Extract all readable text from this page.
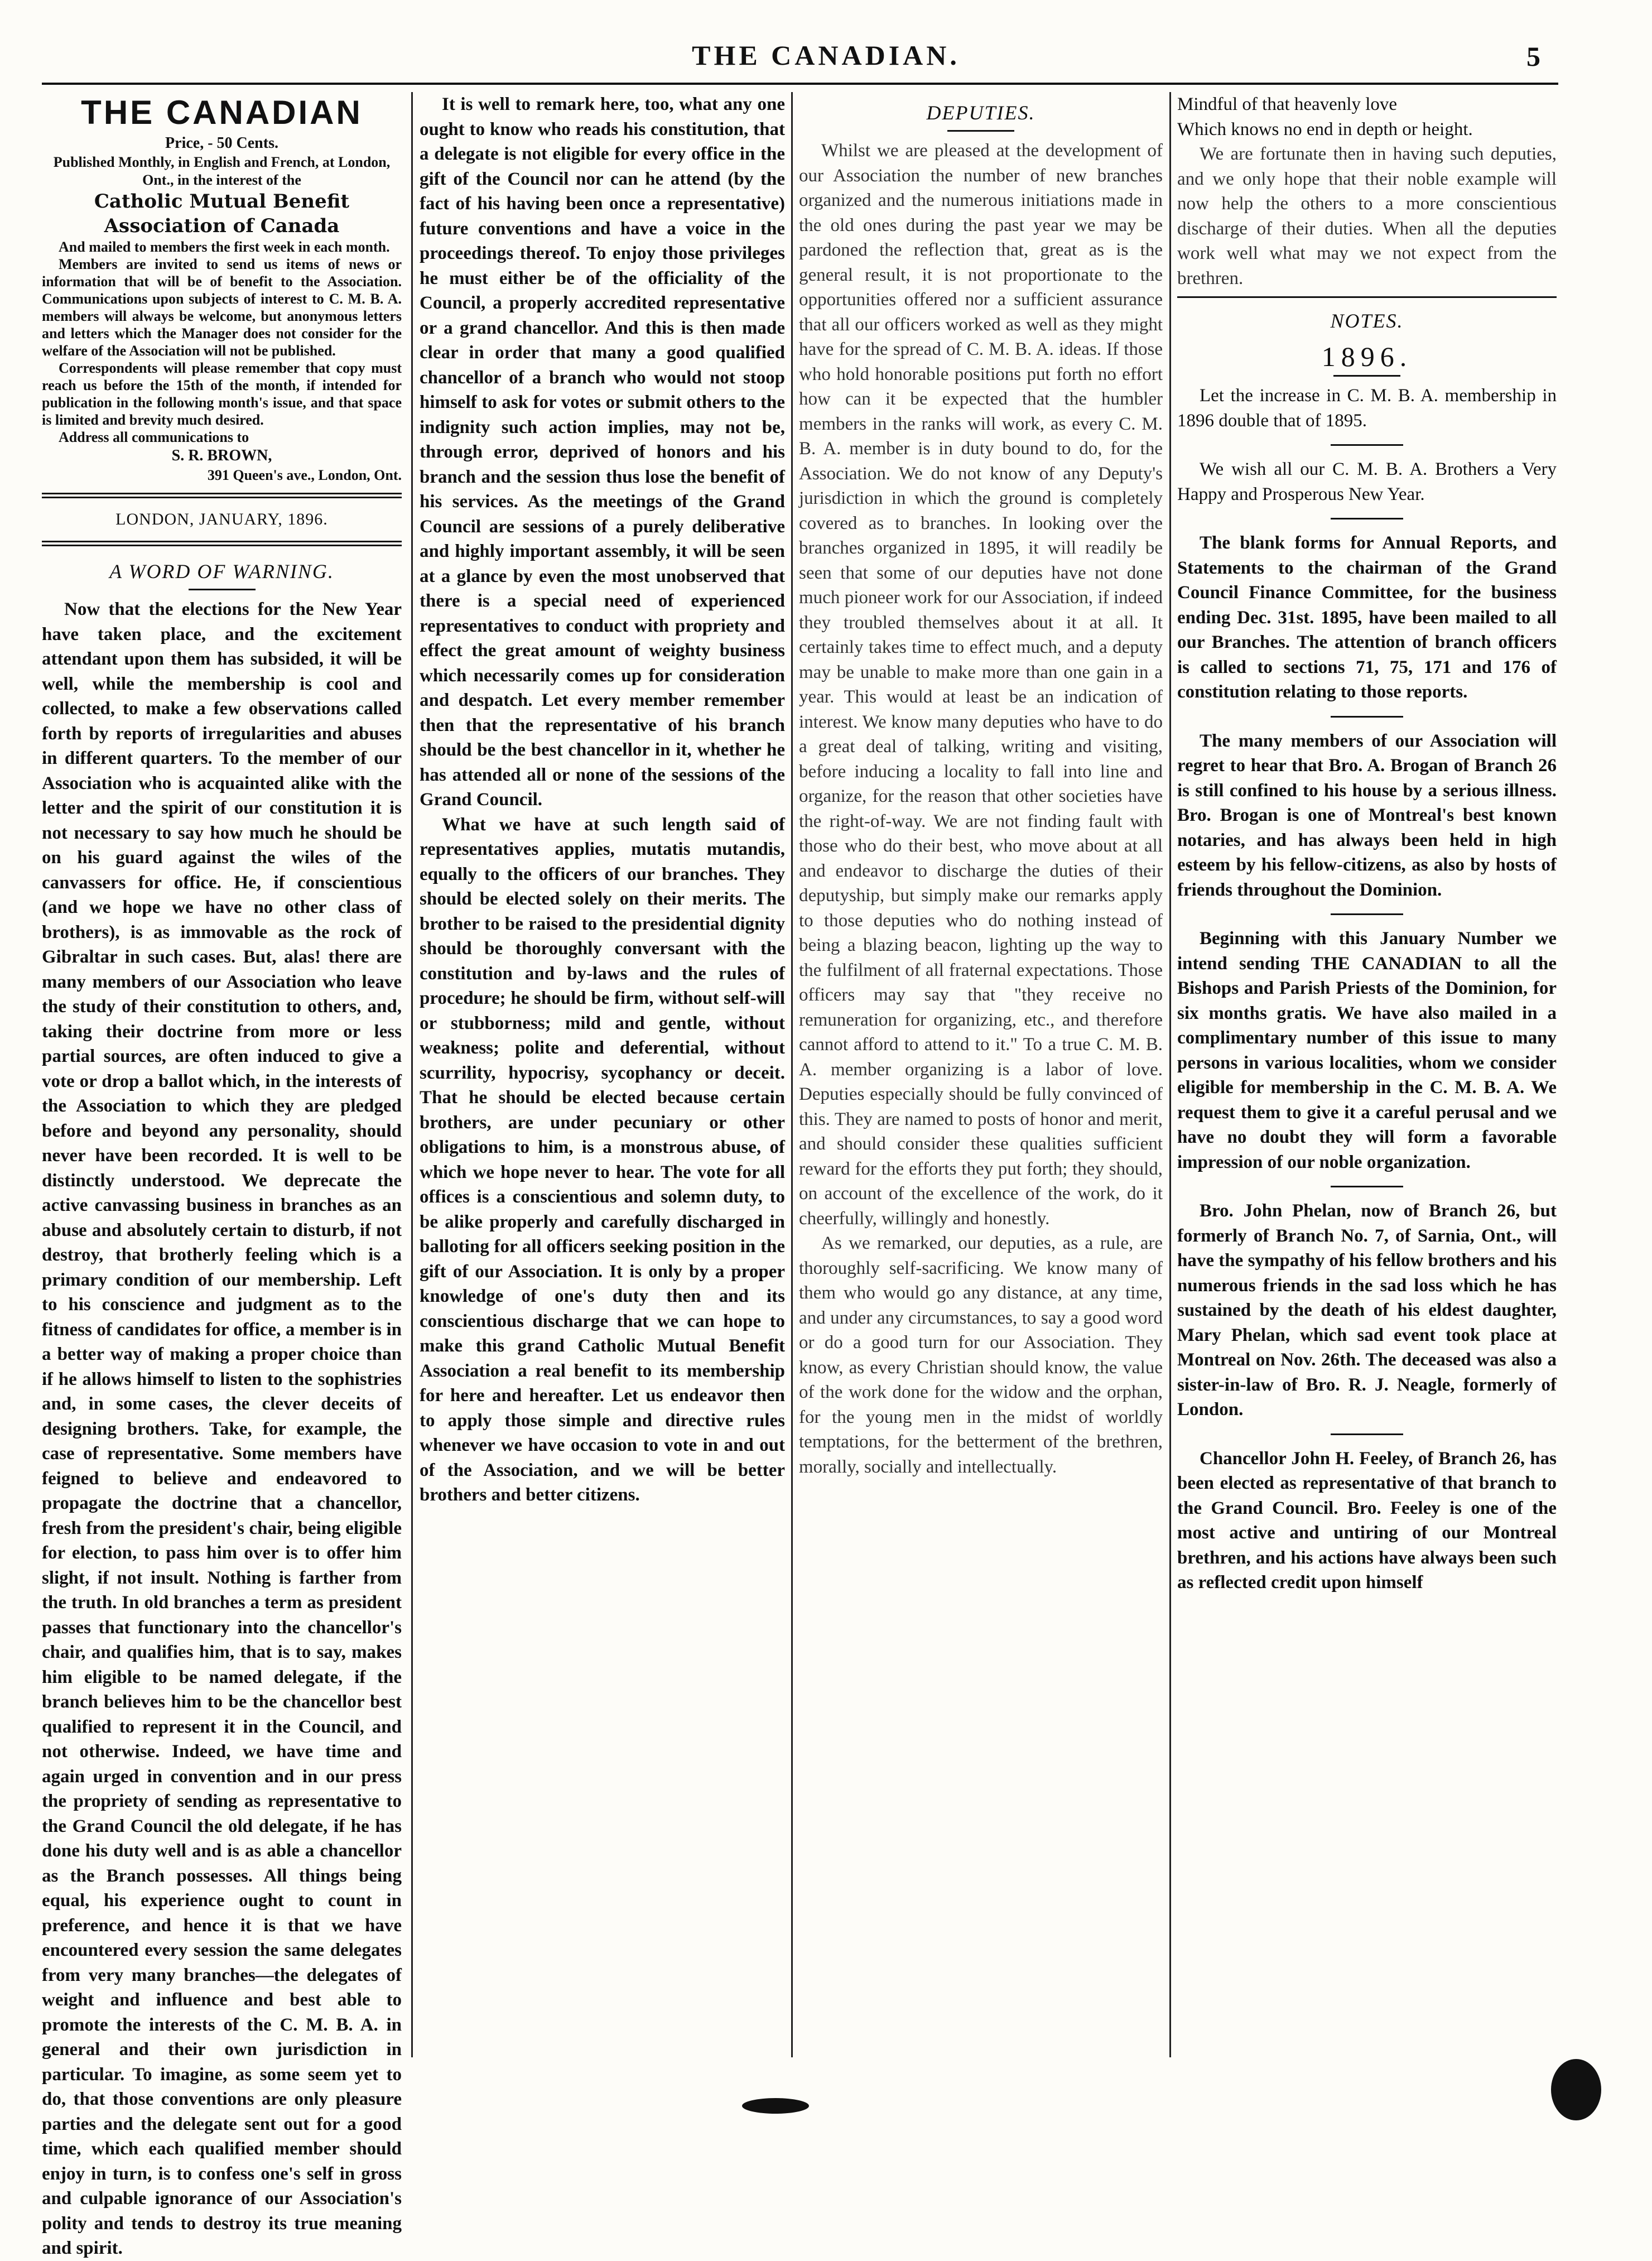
THE CANADIAN.	5
THE CANADIAN
Price, - 50 Cents.
Published Monthly, in English and French, at London, Ont., in the interest of the
Catholic Mutual Benefit Association of Canada
And mailed to members the first week in each month.
Members are invited to send us items of news or information that will be of benefit to the Association. Communications upon subjects of interest to C. M. B. A. members will always be welcome, but anonymous letters and letters which the Manager does not consider for the welfare of the Association will not be published.
Correspondents will please remember that copy must reach us before the 15th of the month, if intended for publication in the following month's issue, and that space is limited and brevity much desired.
Address all communications to
S. R. BROWN,
391 Queen's ave., London, Ont.
LONDON, JANUARY, 1896.
A WORD OF WARNING.

Now that the elections for the New Year have taken place, and the excitement attendant upon them has subsided, it will be well, while the membership is cool and collected, to make a few observations called forth by reports of irregularities and abuses in different quarters. To the member of our Association who is acquainted alike with the letter and the spirit of our constitution it is not necessary to say how much he should be on his guard against the wiles of the canvassers for office. He, if conscientious (and we hope we have no other class of brothers), is as immovable as the rock of Gibraltar in such cases. But, alas! there are many members of our Association who leave the study of their constitution to others, and, taking their doctrine from more or less partial sources, are often induced to give a vote or drop a ballot which, in the interests of the Association to which they are pledged before and beyond any personality, should never have been recorded. It is well to be distinctly understood. We deprecate the active canvassing business in branches as an abuse and absolutely certain to disturb, if not destroy, that brotherly feeling which is a primary condition of our membership. Left to his conscience and judgment as to the fitness of candidates for office, a member is in a better way of making a proper choice than if he allows himself to listen to the sophistries and, in some cases, the clever deceits of designing brothers. Take, for example, the case of representative. Some members have feigned to believe and endeavored to propagate the doctrine that a chancellor, fresh from the president's chair, being eligible for election, to pass him over is to offer him slight, if not insult. Nothing is farther from the truth. In old branches a term as president passes that functionary into the chancellor's chair, and qualifies him, that is to say, makes him eligible to be named delegate, if the branch believes him to be the chancellor best qualified to represent it in the Council, and not otherwise. Indeed, we have time and again urged in convention and in our press the propriety of sending as representative to the Grand Council the old delegate, if he has done his duty well and is as able a chancellor as the Branch possesses. All things being equal, his experience ought to count in preference, and hence it is that we have encountered every session the same delegates from very many branches—the delegates of weight and influence and best able to promote the interests of the C. M. B. A. in general and their own jurisdiction in particular. To imagine, as some seem yet to do, that those conventions are only pleasure parties and the delegate sent out for a good time, which each qualified member should enjoy in turn, is to confess one's self in gross and culpable ignorance of our Association's polity and tends to destroy its true meaning and spirit.

It is well to remark here, too, what any one ought to know who reads his constitution, that a delegate is not eligible for every office in the gift of the Council nor can he attend (by the fact of his having been once a representative) future conventions and have a voice in the proceedings thereof. To enjoy those privileges he must either be of the officiality of the Council, a properly accredited representative or a grand chancellor. And this is then made clear in order that many a good qualified chancellor of a branch who would not stoop himself to ask for votes or submit others to the indignity such action implies, may not be, through error, deprived of honors and his branch and the session thus lose the benefit of his services. As the meetings of the Grand Council are sessions of a purely deliberative and highly important assembly, it will be seen at a glance by even the most unobserved that there is a special need of experienced representatives to conduct with propriety and effect the great amount of weighty business which necessarily comes up for consideration and despatch. Let every member remember then that the representative of his branch should be the best chancellor in it, whether he has attended all or none of the sessions of the Grand Council.

What we have at such length said of representatives applies, mutatis mutandis, equally to the officers of our branches. They should be elected solely on their merits. The brother to be raised to the presidential dignity should be thoroughly conversant with the constitution and by-laws and the rules of procedure; he should be firm, without self-will or stubborness; mild and gentle, without weakness; polite and deferential, without scurrility, hypocrisy, sycophancy or deceit. That he should be elected because certain brothers, are under pecuniary or other obligations to him, is a monstrous abuse, of which we hope never to hear. The vote for all offices is a conscientious and solemn duty, to be alike properly and carefully discharged in balloting for all officers seeking position in the gift of our Association. It is only by a proper knowledge of one's duty then and its conscientious discharge that we can hope to make this grand Catholic Mutual Benefit Association a real benefit to its membership for here and hereafter. Let us endeavor then to apply those simple and directive rules whenever we have occasion to vote in and out of the Association, and we will be better brothers and better citizens.

DEPUTIES.

Whilst we are pleased at the development of our Association the number of new branches organized and the numerous initiations made in the old ones during the past year we may be pardoned the reflection that, great as is the general result, it is not proportionate to the opportunities offered nor a sufficient assurance that all our officers worked as well as they might have for the spread of C. M. B. A. ideas. If those who hold honorable positions put forth no effort how can it be expected that the humbler members in the ranks will work, as every C. M. B. A. member is in duty bound to do, for the Association. We do not know of any Deputy's jurisdiction in which the ground is completely covered as to branches. In looking over the branches organized in 1895, it will readily be seen that some of our deputies have not done much pioneer work for our Association, if indeed they troubled themselves about it at all. It certainly takes time to effect much, and a deputy may be unable to make more than one gain in a year. This would at least be an indication of interest. We know many deputies who have to do a great deal of talking, writing and visiting, before inducing a locality to fall into line and organize, for the reason that other societies have the right-of-way. We are not finding fault with those who do their best, who move about at all and endeavor to discharge the duties of their deputyship, but simply make our remarks apply to those deputies who do nothing instead of being a blazing beacon, lighting up the way to the fulfilment of all fraternal expectations. Those officers may say that "they receive no remuneration for organizing, etc., and therefore cannot afford to attend to it." To a true C. M. B. A. member organizing is a labor of love. Deputies especially should be fully convinced of this. They are named to posts of honor and merit, and should consider these qualities sufficient reward for the efforts they put forth; they should, on account of the excellence of the work, do it cheerfully, willingly and honestly.

As we remarked, our deputies, as a rule, are thoroughly self-sacrificing. We know many of them who would go any distance, at any time, and under any circumstances, to say a good word or do a good turn for our Association. They know, as every Christian should know, the value of the work done for the widow and the orphan, for the young men in the midst of worldly temptations, for the betterment of the brethren, morally, socially and intellectually.

Mindful of that heavenly love

Which knows no end in depth or height.

We are fortunate then in having such deputies, and we only hope that their noble example will now help the others to a more conscientious discharge of their duties. When all the deputies work well what may we not expect from the brethren.

NOTES.
1896.

Let the increase in C. M. B. A. membership in 1896 double that of 1895.

We wish all our C. M. B. A. Brothers a Very Happy and Prosperous New Year.

The blank forms for Annual Reports, and Statements to the chairman of the Grand Council Finance Committee, for the business ending Dec. 31st. 1895, have been mailed to all our Branches. The attention of branch officers is called to sections 71, 75, 171 and 176 of constitution relating to those reports.

The many members of our Association will regret to hear that Bro. A. Brogan of Branch 26 is still confined to his house by a serious illness. Bro. Brogan is one of Montreal's best known notaries, and has always been held in high esteem by his fellow-citizens, as also by hosts of friends throughout the Dominion.

Beginning with this January Number we intend sending THE CANADIAN to all the Bishops and Parish Priests of the Dominion, for six months gratis. We have also mailed in a complimentary number of this issue to many persons in various localities, whom we consider eligible for membership in the C. M. B. A. We request them to give it a careful perusal and we have no doubt they will form a favorable impression of our noble organization.

Bro. John Phelan, now of Branch 26, but formerly of Branch No. 7, of Sarnia, Ont., will have the sympathy of his fellow brothers and his numerous friends in the sad loss which he has sustained by the death of his eldest daughter, Mary Phelan, which sad event took place at Montreal on Nov. 26th. The deceased was also a sister-in-law of Bro. R. J. Neagle, formerly of London.

Chancellor John H. Feeley, of Branch 26, has been elected as representative of that branch to the Grand Council. Bro. Feeley is one of the most active and untiring of our Montreal brethren, and his actions have always been such as reflected credit upon himself
